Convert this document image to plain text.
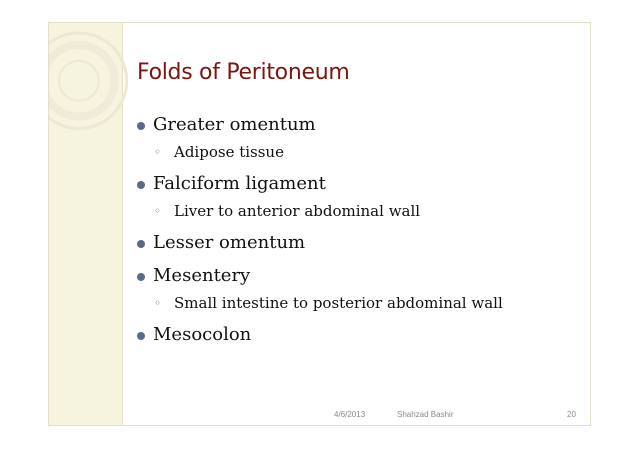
Folds of Peritoneum
Greater omentum
◦ Adipose tissue
Falciform ligament
◦ Liver to anterior abdominal wall
Lesser omentum
Mesentery
◦ Small intestine to posterior abdominal wall
Mesocolon
4/6/2013	Shahzad Bashir	20
